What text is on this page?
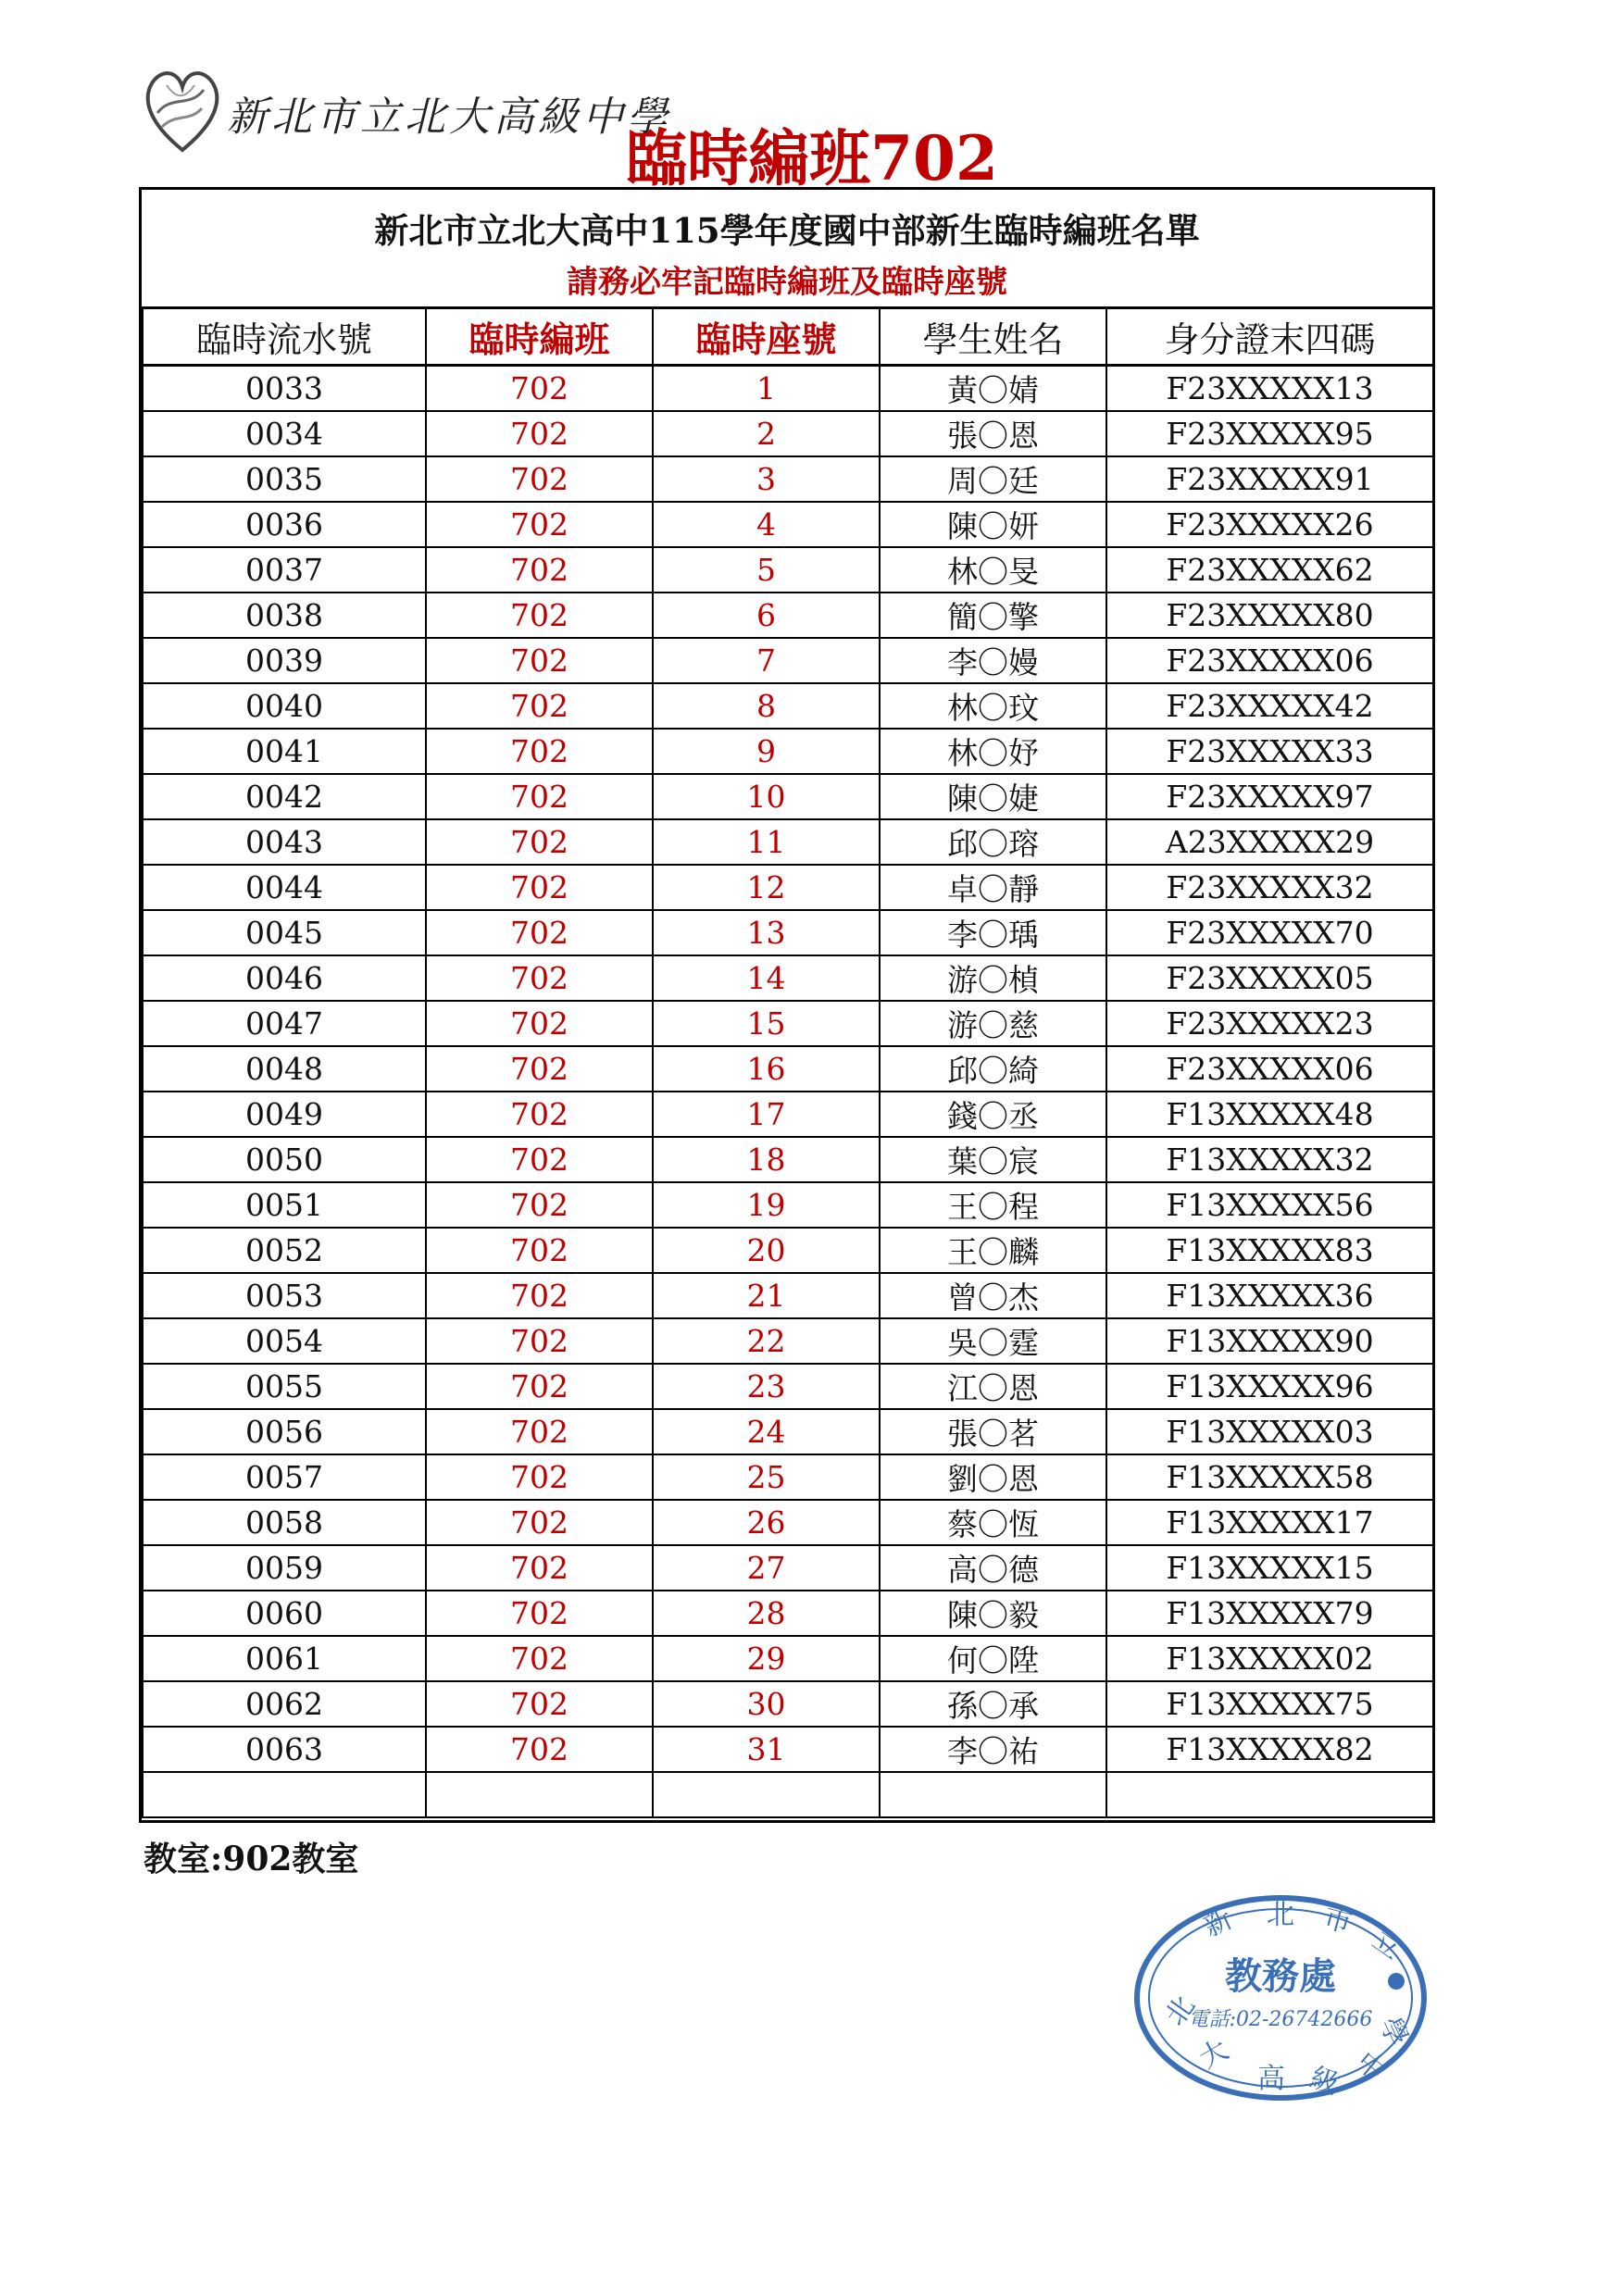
新北市立北大高級中學
臨時編班702
新北市立北大高中115學年度國中部新生臨時編班名單
請務必牢記臨時編班及臨時座號
臨時流水號	臨時編班	臨時座號	學生姓名	身分證末四碼
0033	702	1	黃〇婧	F23XXXXX13
0034	702	2	張〇恩	F23XXXXX95
0035	702	3	周〇廷	F23XXXXX91
0036	702	4	陳〇妍	F23XXXXX26
0037	702	5	林〇旻	F23XXXXX62
0038	702	6	簡〇擎	F23XXXXX80
0039	702	7	李〇嫚	F23XXXXX06
0040	702	8	林〇玟	F23XXXXX42
0041	702	9	林〇妤	F23XXXXX33
0042	702	10	陳〇婕	F23XXXXX97
0043	702	11	邱〇瑢	A23XXXXX29
0044	702	12	卓〇靜	F23XXXXX32
0045	702	13	李〇瑀	F23XXXXX70
0046	702	14	游〇楨	F23XXXXX05
0047	702	15	游〇慈	F23XXXXX23
0048	702	16	邱〇綺	F23XXXXX06
0049	702	17	錢〇丞	F13XXXXX48
0050	702	18	葉〇宸	F13XXXXX32
0051	702	19	王〇程	F13XXXXX56
0052	702	20	王〇麟	F13XXXXX83
0053	702	21	曾〇杰	F13XXXXX36
0054	702	22	吳〇霆	F13XXXXX90
0055	702	23	江〇恩	F13XXXXX96
0056	702	24	張〇茗	F13XXXXX03
0057	702	25	劉〇恩	F13XXXXX58
0058	702	26	蔡〇恆	F13XXXXX17
0059	702	27	高〇德	F13XXXXX15
0060	702	28	陳〇毅	F13XXXXX79
0061	702	29	何〇陞	F13XXXXX02
0062	702	30	孫〇承	F13XXXXX75
0063	702	31	李〇祐	F13XXXXX82

教室:902教室
新 北 市
立
北
大
高 級 中
學
教務處
電話:02-26742666
